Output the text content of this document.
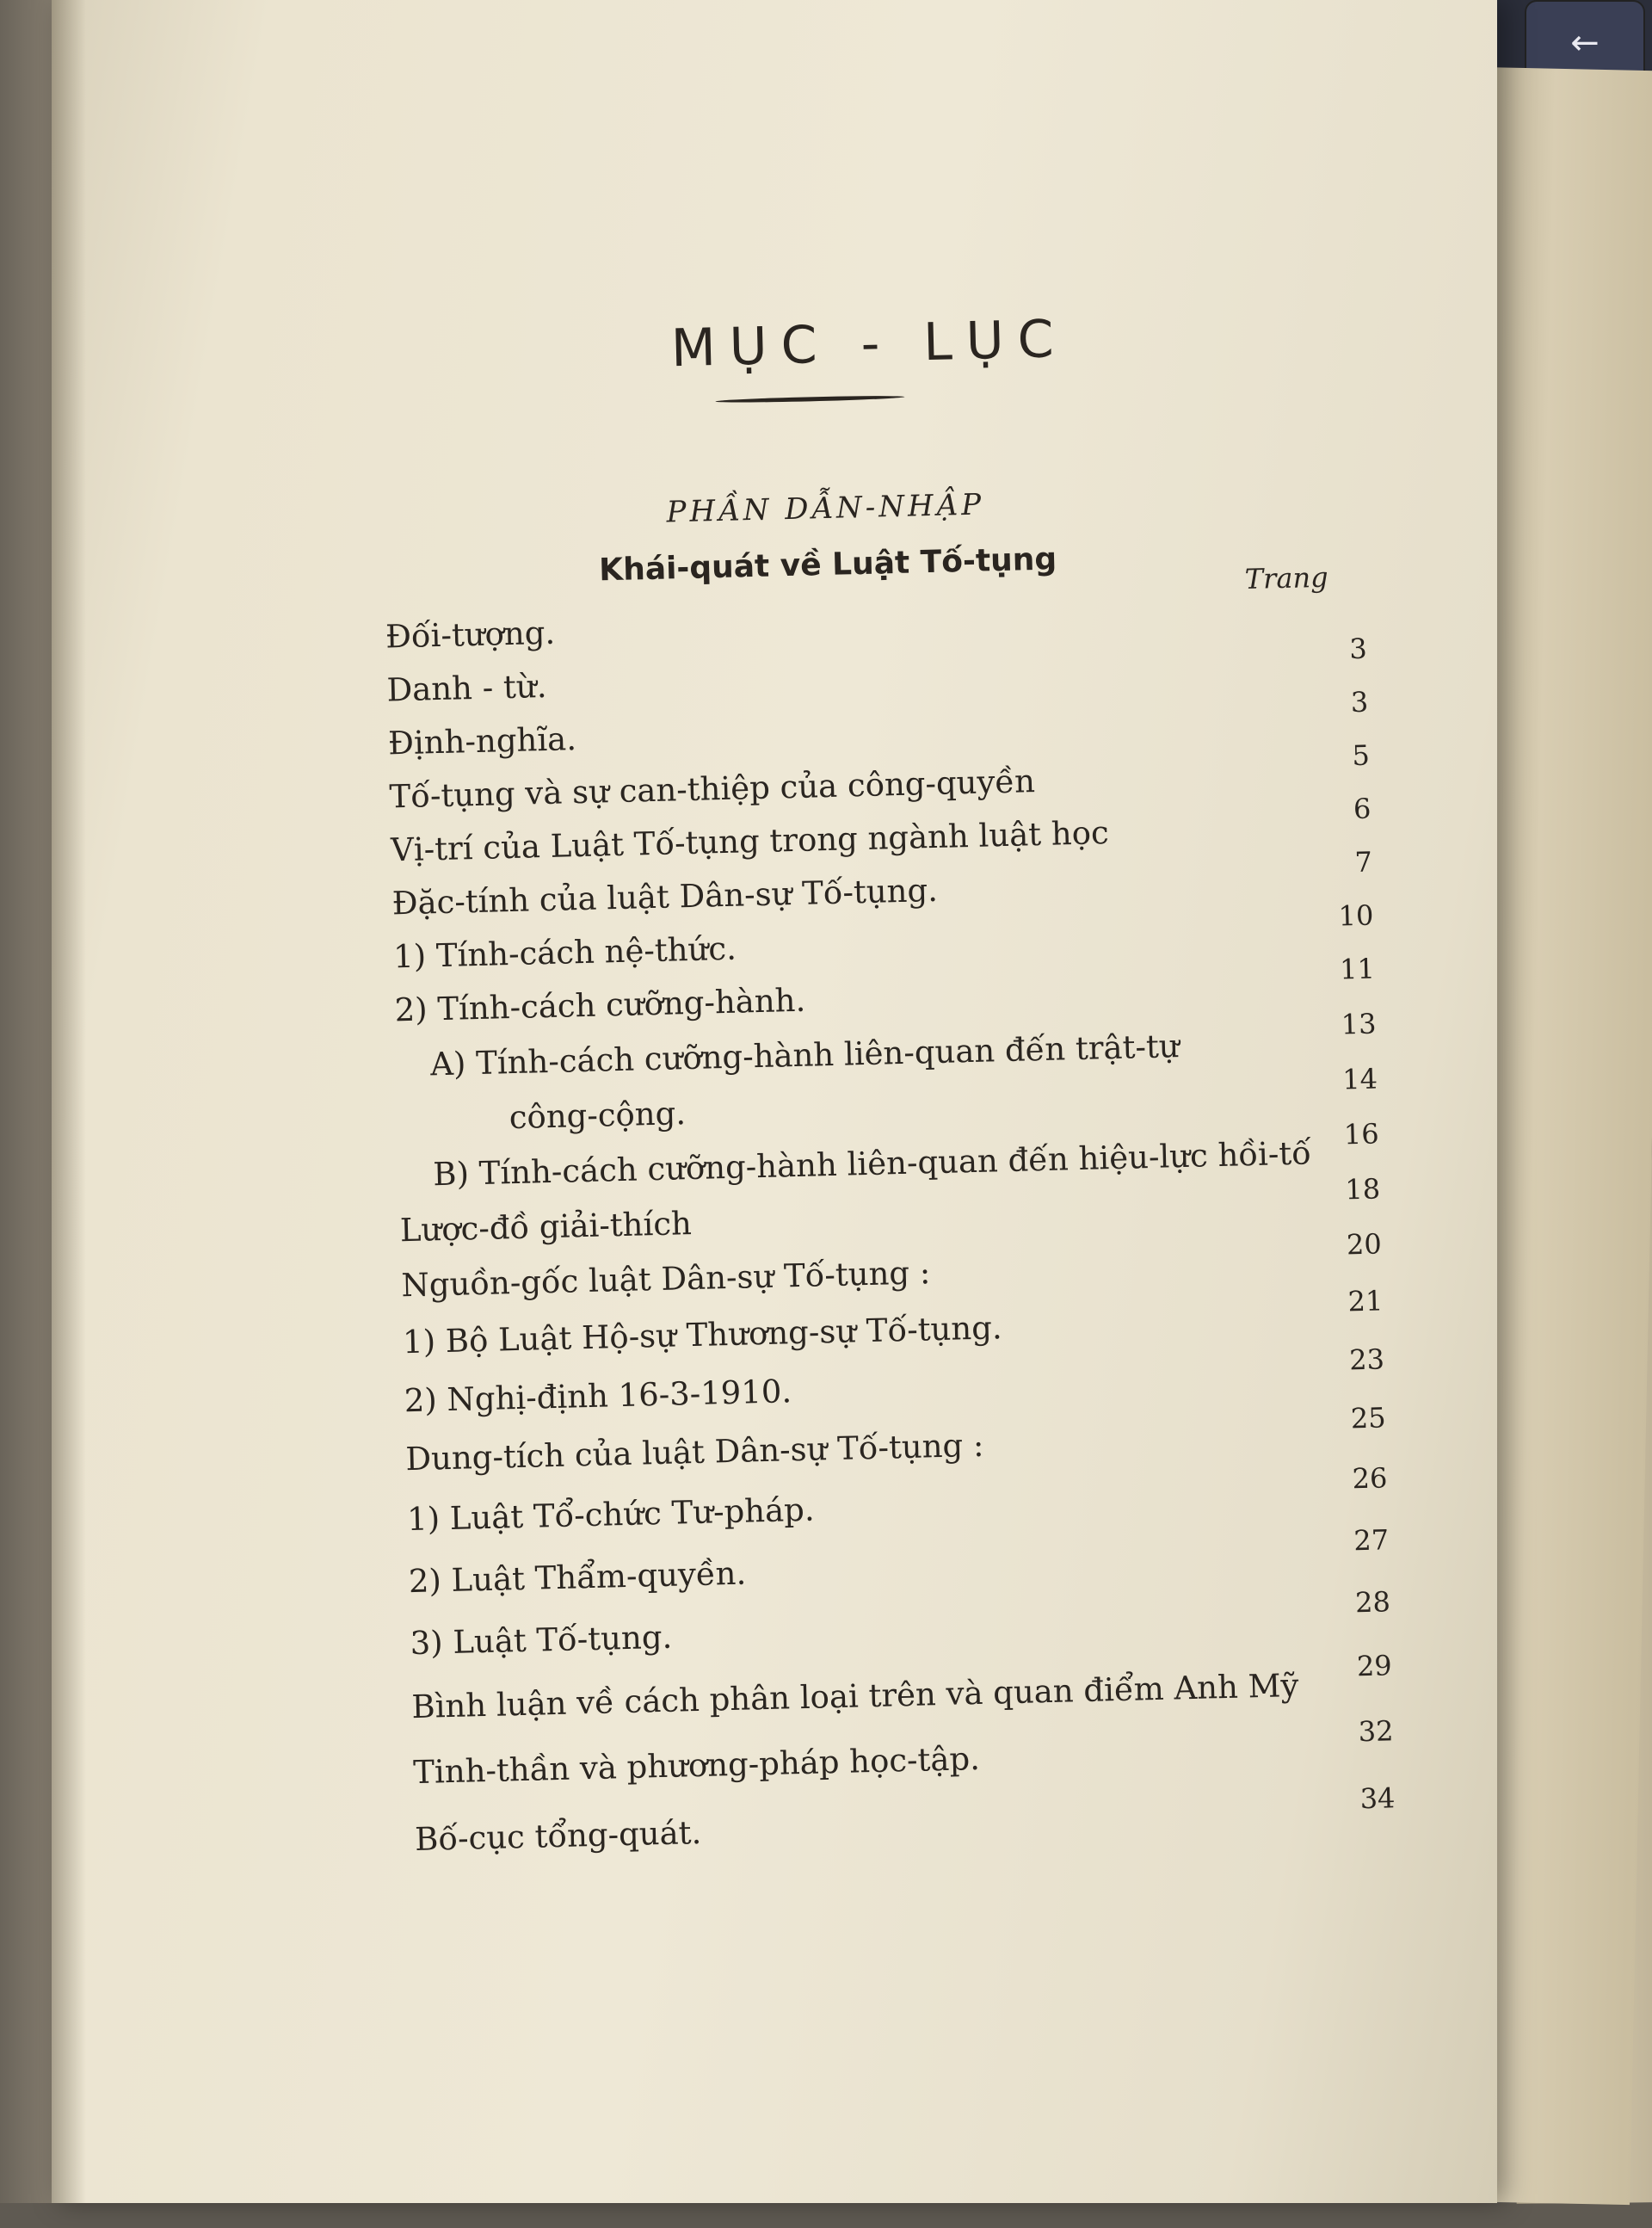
←
MỤC - LỤC
PHẦN DẪN-NHẬP
Khái-quát về Luật Tố-tụng	Trang
Đối-tượng.
Danh - từ.
3
Định-nghĩa.
3
Tố-tụng và sự can-thiệp của công-quyền
5
Vị-trí của Luật Tố-tụng trong ngành luật học
6
Đặc-tính của luật Dân-sự Tố-tụng.
7
1) Tính-cách nệ-thức.
10
2) Tính-cách cưỡng-hành.
11
A) Tính-cách cưỡng-hành liên-quan đến trật-tự
13
công-cộng.
14
B) Tính-cách cưỡng-hành liên-quan đến hiệu-lực hồi-tố
16
Lược-đồ giải-thích
18
Nguồn-gốc luật Dân-sự Tố-tụng :
20
1) Bộ Luật Hộ-sự Thương-sự Tố-tụng.
21
2) Nghị-định 16-3-1910.
23
Dung-tích của luật Dân-sự Tố-tụng :
25
1) Luật Tổ-chức Tư-pháp.
26
2) Luật Thẩm-quyền.
27
3) Luật Tố-tụng.
28
Bình luận về cách phân loại trên và quan điểm Anh Mỹ
29
Tinh-thần và phương-pháp học-tập.
32
Bố-cục tổng-quát.
34
